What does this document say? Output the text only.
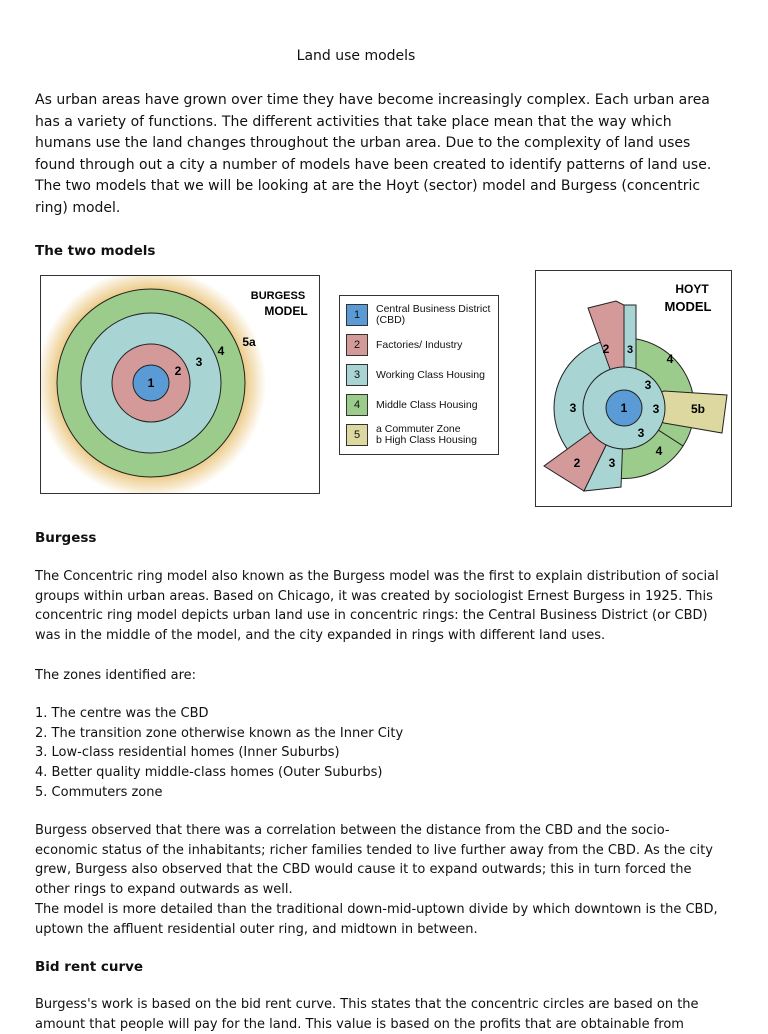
Land use models

As urban areas have grown over time they have become increasingly complex. Each urban area has a variety of functions. The different activities that take place mean that the way which humans use the land changes throughout the urban area. Due to the complexity of land uses found through out a city a number of models have been created to identify patterns of land use. The two models that we will be looking at are the Hoyt (sector) model and Burgess (concentric ring) model.

The two models
1
2
3
4
5a
BURGESS
MODEL	1	Central Business District
(CBD)
2	Factories/ Industry
3	Working Class Housing
4	Middle Class Housing
5	a Commuter Zone
b High Class Housing
1
2 3
4
3
3
3
3	5b
4
2 3
HOYT
MODEL
Burgess

The Concentric ring model also known as the Burgess model was the first to explain distribution of social groups within urban areas. Based on Chicago, it was created by sociologist Ernest Burgess in 1925. This concentric ring model depicts urban land use in concentric rings: the Central Business District (or CBD) was in the middle of the model, and the city expanded in rings with different land uses.

The zones identified are:

1. The centre was the CBD
2. The transition zone otherwise known as the Inner City
3. Low-class residential homes (Inner Suburbs)
4. Better quality middle-class homes (Outer Suburbs)
5. Commuters zone

Burgess observed that there was a correlation between the distance from the CBD and the socio-economic status of the inhabitants; richer families tended to live further away from the CBD. As the city grew, Burgess also observed that the CBD would cause it to expand outwards; this in turn forced the other rings to expand outwards as well.

The model is more detailed than the traditional down-mid-uptown divide by which downtown is the CBD, uptown the affluent residential outer ring, and midtown in between.

Bid rent curve

Burgess's work is based on the bid rent curve. This states that the concentric circles are based on the amount that people will pay for the land. This value is based on the profits that are obtainable from
